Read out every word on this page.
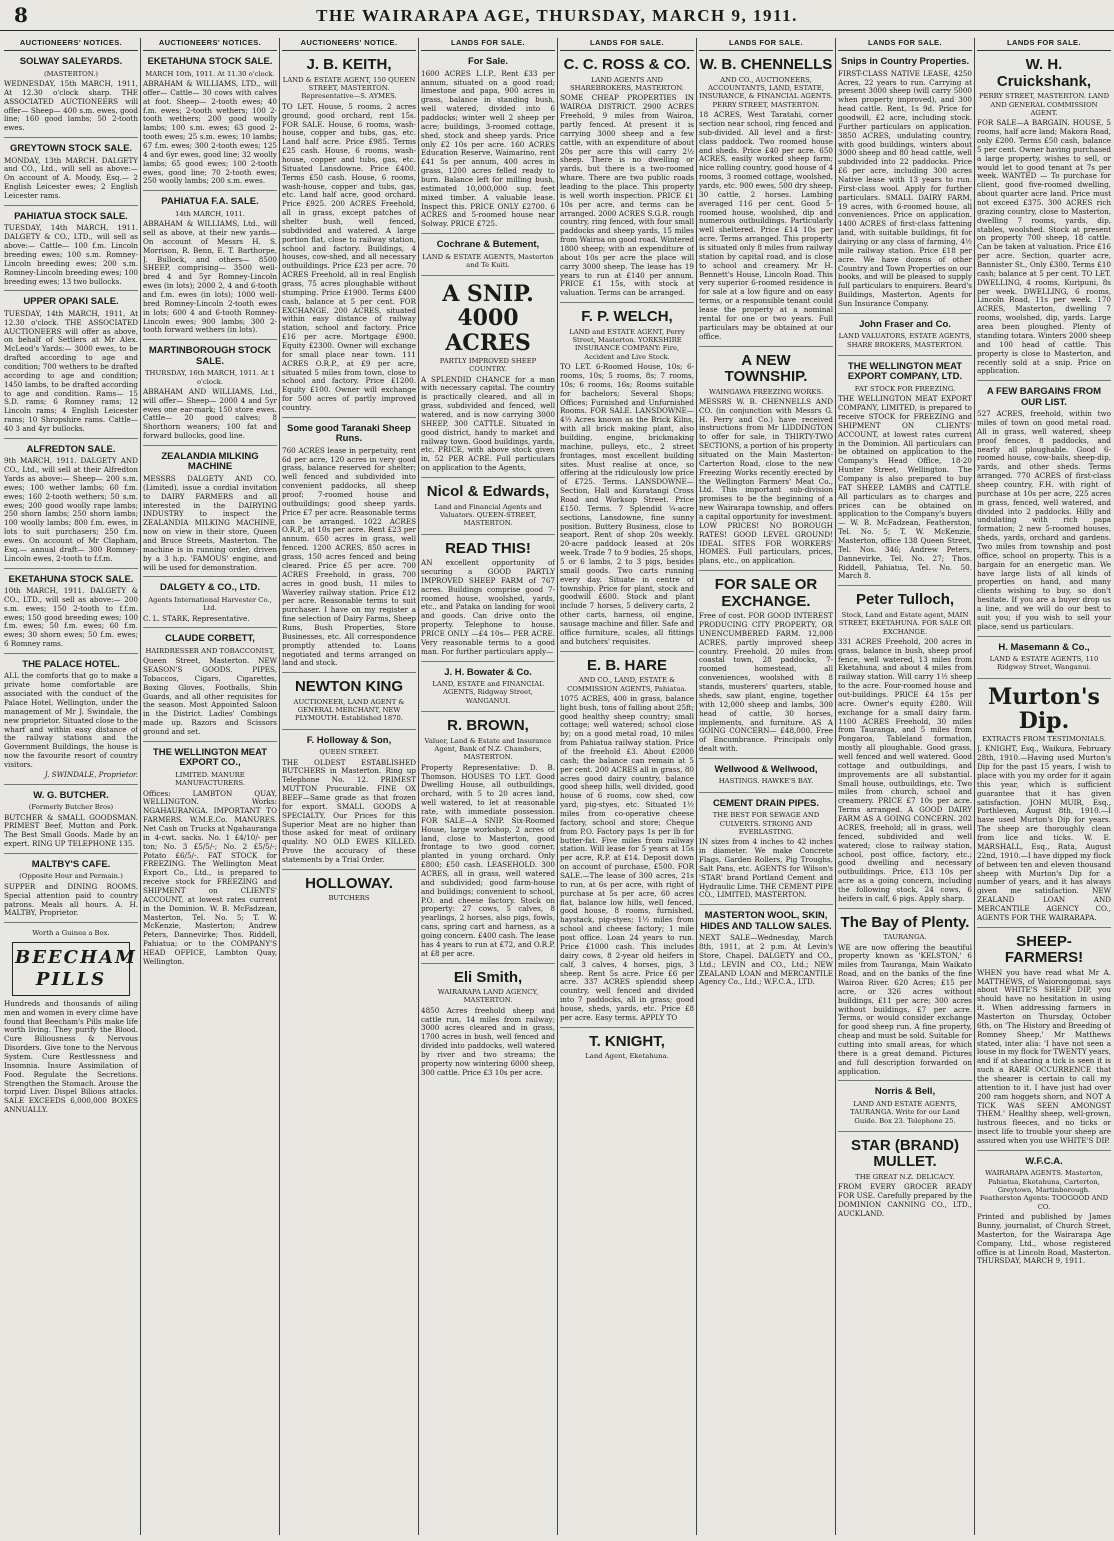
8	THE WAIRARAPA AGE, THURSDAY, MARCH 9, 1911.
AUCTIONEERS' NOTICES.
SOLWAY SALEYARDS.
(MASTERTON.)

WEDNESDAY, 15th MARCH, 1911, At 12.30 o'clock sharp. THE ASSOCIATED AUCTIONEERS will offer— Sheep— 400 s.m. ewes, good line; 160 good lambs; 50 2-tooth ewes.

GREYTOWN STOCK SALE.

MONDAY, 13th MARCH. DALGETY and CO., Ltd., will sell as above:— On account of A. Moody, Esq.— 2 English Leicester ewes; 2 English Leicester rams.

PAHIATUA STOCK SALE.

TUESDAY, 14th MARCH, 1911. DALGETY & CO., LTD., will sell as above:— Cattle— 100 f.m. Lincoln breeding ewes; 100 s.m. Romney-Lincoln breeding ewes; 200 s.m. Romney-Lincoln breeding ewes; 100 breeding ewes; 13 two bullocks.

UPPER OPAKI SALE.

TUESDAY, 14th MARCH, 1911, At 12.30 o'clock. THE ASSOCIATED AUCTIONEERS will offer as above, on behalf of Settlers at Mr Alex. McLeod's Yards:— 3000 ewes, to be drafted according to age and condition; 700 wethers to be drafted according to age and condition; 1450 lambs, to be drafted according to age and condition. Rams— 15 S.D. rams; 6 Romney rams; 12 Lincoln rams; 4 English Leicester rams; 10 Shropshire rams. Cattle— 40 3 and 4yr bullocks.

ALFREDTON SALE.

9th MARCH, 1911. DALGETY AND CO., Ltd., will sell at their Alfredton Yards as above:— Sheep— 200 s.m. ewes; 100 wether lambs; 60 f.m. ewes; 160 2-tooth wethers; 50 s.m. ewes; 200 good woolly rape lambs; 250 shorn lambs; 250 shorn lambs; 100 woolly lambs; 800 f.m. ewes, in lots to suit purchasers; 250 f.m. ewes. On account of Mr Clapham, Esq.— annual draft— 300 Romney-Lincoln ewes, 2-tooth to f.f.m.

EKETAHUNA STOCK SALE.

10th MARCH, 1911. DALGETY & CO., LTD., will sell as above:— 200 s.m. ewes; 150 2-tooth to f.f.m. ewes; 150 good breeding ewes; 100 f.m. ewes; 50 f.m. ewes; 60 f.m. ewes; 30 shorn ewes; 50 f.m. ewes; 6 Romney rams.

THE PALACE HOTEL.

ALL the comforts that go to make a private home comfortable are associated with the conduct of the Palace Hotel, Wellington, under the management of Mr J. Swindale, the new proprietor. Situated close to the wharf and within easy distance of the railway stations and the Government Buildings, the house is now the favourite resort of country visitors.

J. SWINDALE, Proprietor.
W. G. BUTCHER.
(Formerly Butcher Bros)

BUTCHER & SMALL GOODSMAN. PRIMEST Beef, Mutton and Pork. The Best Small Goods. Made by an expert. RING UP TELEPHONE 135.

MALTBY'S CAFE.
(Opposite Hour and Permain.)

SUPPER and DINING ROOMS. Special attention paid to country patrons. Meals all hours. A. H. MALTBY, Proprietor.

Worth a Guinea a Box.
BEECHAM PILLS

Hundreds and thousands of ailing men and women in every clime have found that Beecham's Pills make life worth living. They purify the Blood. Cure Biliousness & Nervous Disorders. Give tone to the Nervous System. Cure Restlessness and Insomnia. Insure Assimilation of Food. Regulate the Secretions. Strengthen the Stomach. Arouse the torpid Liver. Dispel Bilious attacks. SALE EXCEEDS 6,000,000 BOXES ANNUALLY.

AUCTIONEERS' NOTICES.
EKETAHUNA STOCK SALE.
MARCH 10th, 1911. At 11.30 o'clock.

ABRAHAM & WILLIAMS, LTD., will offer— Cattle— 30 cows with calves at foot. Sheep— 2-tooth ewes; 40 f.m. ewes; 2-tooth wethers; 100 2-tooth wethers; 200 good woolly lambs; 100 s.m. ewes; 63 good 2-tooth ewes; 25 s.m. ewes; 10 lambs; 67 f.m. ewes; 300 2-tooth ewes; 125 4 and 6yr ewes, good line; 32 woolly lambs; 65 good ewes; 100 2-tooth ewes, good line; 70 2-tooth ewes; 250 woolly lambs; 200 s.m. ewes.

PAHIATUA F.A. SALE.
14th MARCH, 1911.

ABRAHAM & WILLIAMS, Ltd., will sell as above, at their new yards— On account of Messrs H. S. Morrison, R. Benn, E. T. Barthorpe, J. Bullock, and others— 8500 SHEEP, comprising— 3500 well-bred 4 and 5yr Romney-Lincoln ewes (in lots); 2000 2, 4 and 6-tooth and f.m. ewes (in lots); 1000 well-bred Romney-Lincoln 2-tooth ewes in lots; 600 4 and 6-tooth Romney-Lincoln ewes; 900 lambs; 300 2-tooth forward wethers (in lots).

MARTINBOROUGH STOCK SALE.
THURSDAY, 16th MARCH, 1911. At 1 o'clock.

ABRAHAM AND WILLIAMS, Ltd., will offer— Sheep— 2000 4 and 5yr ewes one ear-mark; 150 store ewes. Cattle— 20 good calves; 8 Shorthorn weaners; 100 fat and forward bullocks, good line.

ZEALANDIA MILKING MACHINE

MESSRS DALGETY AND CO. (Limited), issue a cordial invitation to DAIRY FARMERS and all interested in the DAIRYING INDUSTRY to inspect the ZEALANDIA MILKING MACHINE, now on view in their store, Queen and Bruce Streets, Masterton. The machine is in running order, driven by a 3 h.p. 'FAMOUS' engine, and will be used for demonstration.

DALGETY & CO., LTD.
Agents International Harvester Co., Ltd.

C. L. STARK, Representative.

CLAUDE CORBETT,
HAIRDRESSER AND TOBACCONIST,

Queen Street, Masterton. NEW SEASON'S GOODS. PIPES, Tobaccos, Cigars, Cigarettes, Boxing Gloves, Footballs, Shin Guards, and all other requisites for the season. Most Appointed Saloon in the District. Ladies' Combings made up. Razors and Scissors ground and set.

THE WELLINGTON MEAT EXPORT CO.,
LIMITED. MANURE MANUFACTURERS.

Offices: LAMBTON QUAY, WELLINGTON. Works: NGAHAURANGA. IMPORTANT TO FARMERS. W.M.E.Co. MANURES. Net Cash on Trucks at Ngahauranga in 4-cwt. sacks. No. 1 £4/10/- per ton; No. 3 £5/5/-; No. 2 £5/5/-; Potato £6/5/-. FAT STOCK for FREEZING. The Wellington Meat Export Co., Ltd., is prepared to receive stock for FREEZING and SHIPMENT on CLIENTS' ACCOUNT, at lowest rates current in the Dominion. W. B. McFadzean, Masterton, Tel. No. 5; T. W. McKenzie, Masterton; Andrew Peters, Dannevirke; Thos. Riddell, Pahiatua; or to the COMPANY'S HEAD OFFICE, Lambton Quay, Wellington.

AUCTIONEERS' NOTICE.
J. B. KEITH,
LAND & ESTATE AGENT, 150 QUEEN STREET, MASTERTON. Representative—S. AYMES.

TO LET. House, 5 rooms, 2 acres ground, good orchard, rent 15s. FOR SALE. House, 6 rooms, wash-house, copper and tubs, gas, etc. Land half acre. Price £985. Terms £25 cash. House, 6 rooms, wash-house, copper and tubs, gas, etc. Situated Lansdowne. Price £400. Terms £50 cash. House, 6 rooms, wash-house, copper and tubs, gas, etc. Land half acre, good orchard. Price £925. 200 ACRES Freehold, all in grass, except patches of shelter bush, well fenced, subdivided and watered. A large portion flat, close to railway station, school and factory. Buildings, 4 houses, cow-shed, and all necessary outbuildings. Price £23 per acre. 70 ACRES Freehold, all in real English grass, 75 acres ploughable without stumping. Price £1900. Terms £400 cash, balance at 5 per cent. FOR EXCHANGE. 200 ACRES, situated within easy distance of railway station, school and factory. Price £16 per acre. Mortgage £900. Equity £2300. Owner will exchange for small place near town. 111 ACRES O.R.P., at £9 per acre, situated 5 miles from town, close to school and factory. Price £1200. Equity £100. Owner will exchange for 500 acres of partly improved country.

Some good Taranaki Sheep Runs.

760 ACRES lease in perpetuity, rent 6d per acre, 120 acres in very good grass, balance reserved for shelter; well fenced and subdivided into convenient paddocks, all sheep proof; 7-roomed house and outbuildings; good sheep yards. Price £7 per acre. Reasonable terms can be arranged. 1022 ACRES O.R.P., at 10s per acre. Rent £23 per annum. 650 acres in grass, well fenced. 1200 ACRES, 850 acres in grass, 150 acres fenced and being cleared. Price £5 per acre. 700 ACRES Freehold, in grass, 700 acres in good bush, 11 miles to Waverley railway station. Price £12 per acre. Reasonable terms to suit purchaser. I have on my register a fine selection of Dairy Farms, Sheep Runs, Bush Properties, Store Businesses, etc. All correspondence promptly attended to. Loans negotiated and terms arranged on land and stock.

NEWTON KING
AUCTIONEER, LAND AGENT & GENERAL MERCHANT, NEW PLYMOUTH. Established 1870.
F. Holloway & Son,
QUEEN STREET.

THE OLDEST ESTABLISHED BUTCHERS in Masterton. Ring up Telephone No. 12. PRIMEST MUTTON Procurable. FINE OX BEEF—Same grade as that frozen for export. SMALL GOODS A SPECIALTY. Our Prices for this Superior Meat are no higher than those asked for meat of ordinary quality. NO OLD EWES KILLED. Prove the accuracy of these statements by a Trial Order.

HOLLOWAY.
BUTCHERS
LANDS FOR SALE.
For Sale.

1600 ACRES L.I.P., Rent £33 per annum, situated on a good road; limestone and papa, 900 acres in grass, balance in standing bush, well watered, divided into 6 paddocks; winter well 2 sheep per acre; buildings, 3-roomed cottage, shed, stock and sheep yards. Price only £2 10s per acre. 160 ACRES Education Reserve, Waimarino, rent £41 5s per annum, 400 acres in grass, 1200 acres felled ready to burn. Balance left for milling bush, estimated 10,000,000 sup. feet mixed timber. A valuable lease. Inspect this. PRICE ONLY £2700. 6 ACRES and 5-roomed house near Solway. PRICE £725.

Cochrane & Butement,
LAND & ESTATE AGENTS, Masterton and Te Kuiti.
A SNIP. 4000 ACRES
PARTLY IMPROVED SHEEP COUNTRY.

A SPLENDID CHANCE for a man with necessary capital. The country is practically cleared, and all in grass, subdivided and fenced, well watered, and is now carrying 3000 SHEEP, 300 CATTLE. Situated in good district, handy to market and railway town. Good buildings, yards, etc. PRICE, with above stock given in, 52 PER ACRE. Full particulars on application to the Agents,

Nicol & Edwards,
Land and Financial Agents and Valuators. QUEEN-STREET, MASTERTON.
READ THIS!

AN excellent opportunity of securing a GOOD PARTLY IMPROVED SHEEP FARM of 767 acres. Buildings comprise good 7-roomed house, woolshed, yards, etc., and Pataka on landing for wool and goods. Can drive onto the property. Telephone to house. PRICE ONLY —£4 10s— PER ACRE. Very reasonable terms to a good man. For further particulars apply—

J. H. Bowater & Co.
LAND, ESTATE and FINANCIAL AGENTS, Ridgway Street, WANGANUI.
R. BROWN,
Valuer, Land & Estate and Insurance Agent, Bank of N.Z. Chambers, MASTERTON.

Property Representative: D. B. Thomson. HOUSES TO LET. Good Dwelling House, all outbuildings, orchard, with 5 to 20 acres land, well watered, to let at reasonable rate, with immediate possession. FOR SALE—A SNIP. Six-Roomed House, large workshop, 2 acres of land, close to Masterton, good frontage to two good corner, planted in young orchard. Only £800; £50 cash. LEASEHOLD. 300 ACRES, all in grass, well watered and subdivided; good farm-house and buildings; convenient to school, P.O. and cheese factory. Stock on property: 27 cows, 5 calves, 8 yearlings, 2 horses, also pigs, fowls, cans, spring cart and harness, as a going concern. £400 cash. The lease has 4 years to run at £72, and O.R.P. at £8 per acre.

Eli Smith,
WAIRARAPA LAND AGENCY, MASTERTON.

4850 Acres freehold sheep and cattle run, 14 miles from railway; 3000 acres cleared and in grass, 1700 acres in bush, well fenced and divided into paddocks, well watered by river and two streams; the property now wintering 6000 sheep, 300 cattle. Price £3 10s per acre.

LANDS FOR SALE.
C. C. ROSS & CO.
LAND AGENTS AND SHAREBROKERS, MASTERTON.

SOME CHEAP PROPERTIES IN WAIROA DISTRICT. 2900 ACRES Freehold, 9 miles from Wairoa, partly fenced. At present it is carrying 3000 sheep and a few cattle, with an expenditure of about 20s per acre this will carry 2½ sheep. There is no dwelling or yards, but there is a two-roomed whare. There are two public roads leading to the place. This property is well worth inspection. PRICE £1 10s per acre, and terms can be arranged. 2000 ACRES S.G.R. rough country, ring fenced, with four small paddocks and sheep yards, 15 miles from Wairoa on good road. Wintered 1800 sheep; with an expenditure of about 10s per acre the place will carry 3000 sheep. The lease has 19 years to run at £140 per annum. PRICE £1 15s, with stock at valuation. Terms can be arranged.

F. P. WELCH,
LAND and ESTATE AGENT, Perry Street, Masterton. YORKSHIRE INSURANCE COMPANY: Fire, Accident and Live Stock.

TO LET. 6-Roomed House, 10s; 6-rooms, 10s; 5 rooms, 8s; 7 rooms, 10s; 6 rooms, 16s; Rooms suitable for bachelors; Several Shops; Offices; Furnished and Unfurnished Rooms. FOR SALE. LANSDOWNE—4½ Acres known as the Brick Kilns, with all brick making plant, also building, engine, brickmaking machine, pulleys, etc., 2 street frontages, most excellent building sites. Must realise at once, so offering at the ridiculously low price of £725. Terms. LANSDOWNE—Section, Hall and Kuratangi Cross Road and Worksop Street. Price £150. Terms. 7 Splendid ¼-acre sections, Lansdowne, fine sunny position. Buttery Business, close to seaport. Rent of shop 20s weekly. 20-acre paddock leased at 20s week. Trade 7 to 9 bodies, 25 shops, 5 or 6 lambs, 2 to 3 pigs, besides small goods. Two carts running every day. Situate in centre of township. Price for plant, stock and goodwill £600. Stock and plant include 7 horses, 5 delivery carts, 2 other carts, harness, oil engine, sausage machine and filler. Safe and office furniture, scales, all fittings and butchers' requisites.

E. B. HARE
AND CO., LAND, ESTATE & COMMISSION AGENTS, Pahiatua.

1075 ACRES, 400 in grass, balance light bush, tons of falling about 25ft; good healthy sheep country; small cottage; well watered; school close by; on a good metal road, 10 miles from Pahiatua railway station. Price of the freehold £3. About £2000 cash; the balance can remain at 5 per cent. 200 ACRES all in grass, 80 acres good dairy country, balance good sheep hills, well divided, good house of 6 rooms, cow shed, cow yard, pig-styes, etc. Situated 1½ miles from co-operative cheese factory, school and store; Cheque from P.O. Factory pays 1s per lb for butter-fat. Five miles from railway station. Will lease for 5 years at 15s per acre, R.P. at £14. Deposit down on account of purchase, £500. FOR SALE.—The lease of 300 acres, 21s to run, at 6s per acre, with right of purchase at 5s per acre, 60 acres flat, balance low hills, well fenced, good house, 8 rooms, furnished, haystack, pig-styes; 1½ miles from school and cheese factory; 1 mile post office. Loan 24 years to run. Price £1000 cash. This includes dairy cows, 8 2-year old heifers in calf, 3 calves, 4 horses, pigs, 3 sheep. Rent 5s acre. Price £6 per acre. 337 ACRES splendid sheep country, well fenced and divided into 7 paddocks, all in grass; good house, sheds, yards, etc. Price £8 per acre. Easy terms. APPLY TO

T. KNIGHT,
Land Agent, Eketahuna.
LANDS FOR SALE.
W. B. CHENNELLS
AND CO., AUCTIONEERS, ACCOUNTANTS, LAND, ESTATE, INSURANCE, & FINANCIAL AGENTS. PERRY STREET, MASTERTON.

18 ACRES, West Taratahi, corner section near school, ring fenced and sub-divided. All level and a first-class paddock. Two roomed house and sheds. Price £40 per acre. 650 ACRES, easily worked sheep farm; nice rolling country, good house of 4 rooms, 3 roomed cottage, woolshed, yards, etc. 900 ewes, 500 dry sheep, 30 cattle, 2 horses. Lambing averaged 116 per cent. Good 5-roomed house, woolshed, dip and numerous outbuildings. Particularly well sheltered. Price £14 10s per acre. Terms arranged. This property is situated only 8 miles from railway station by capital road, and is close to school and creamery. Mr H. Bennett's House, Lincoln Road. This very superior 6-roomed residence is for sale at a low figure and on easy terms, or a responsible tenant could lease the property at a nominal rental for one or two years. Full particulars may be obtained at our office.

A NEW TOWNSHIP.
WAINGAWA FREEZING WORKS.

MESSRS W. B. CHENNELLS AND CO. (in conjunction with Messrs G. H. Perry and Co.) have received instructions from Mr LIDDINGTON to offer for sale, in THIRTY-TWO SECTIONS, a portion of his property situated on the Main Masterton-Carterton Road, close to the new Freezing Works recently erected by the Wellington Farmers' Meat Co., Ltd. This important sub-division promises to be the beginning of a new Wairarapa township, and offers a capital opportunity for investment. LOW PRICES! NO BOROUGH RATES! GOOD LEVEL GROUND! IDEAL SITES FOR WORKERS' HOMES. Full particulars, prices, plans, etc., on application.

FOR SALE OR EXCHANGE.

Free of cost. FOR GOOD INTEREST PRODUCING CITY PROPERTY, OR UNENCUMBERED FARM. 12,000 ACRES, partly improved sheep country. Freehold. 20 miles from coastal town, 28 paddocks, 7-roomed homestead, all conveniences, woolshed with 8 stands, musterers' quarters, stable, sheds, saw plant, engine, together with 12,000 sheep and lambs, 300 head of cattle, 30 horses, implements, and furniture. AS A GOING CONCERN— £48,000. Free of Encumbrance. Principals only dealt with.

Wellwood & Wellwood,
HASTINGS. HAWKE'S BAY.
CEMENT DRAIN PIPES.
THE BEST FOR SEWAGE AND CULVERTS. STRONG AND EVERLASTING.

IN sizes from 4 inches to 42 inches in diameter. We make Concrete Flags, Garden Rollers, Pig Troughs, Salt Pans, etc. AGENTS for Wilson's 'STAR' brand Portland Cement and Hydraulic Lime. THE CEMENT PIPE CO., LIMITED, MASTERTON.

MASTERTON WOOL, SKIN, HIDES AND TALLOW SALES.

NEXT SALE—Wednesday, March 8th, 1911, at 2 p.m. At Levin's Store, Chapel. DALGETY and CO., Ltd.; LEVIN and CO., Ltd.; NEW ZEALAND LOAN and MERCANTILE Agency Co., Ltd.; W.F.C.A., LTD.

LANDS FOR SALE.
Snips in Country Properties.

FIRST-CLASS NATIVE LEASE, 4250 Acres, 22 years to run. Carrying at present 3000 sheep (will carry 5000 when property improved), and 300 head cattle. Rent, 1s 9d. Price for goodwill, £2 acre, including stock. Further particulars on application. 3850 ACRES, undulating country, with good buildings, winters about 3000 sheep and 80 head cattle, well subdivided into 22 paddocks. Price £6 per acre, including 300 acres Native lease with 13 years to run. First-class wool. Apply for further particulars. SMALL DAIRY FARM, 19 acres, with 6-roomed house, all conveniences. Price on application. 1400 ACRES of first-class fattening land, with suitable buildings, fit for dairying or any class of farming, 4½ mile railway station. Price £18 per acre. We have dozens of other Country and Town Properties on our books, and will be pleased to supply full particulars to enquirers. Beard's Buildings, Masterton. Agents for Sun Insurance Company.

John Fraser and Co.
LAND VALUATORS, ESTATE AGENTS, SHARE BROKERS, MASTERTON.
THE WELLINGTON MEAT EXPORT COMPANY, LTD.
FAT STOCK FOR FREEZING.

THE WELLINGTON MEAT EXPORT COMPANY, LIMITED, is prepared to receive STOCK for FREEZING and SHIPMENT ON CLIENTS' ACCOUNT, at lowest rates current in the Dominion. All particulars can be obtained on application to the Company's Head Office, 18-20 Hunter Street, Wellington. The Company is also prepared to buy FAT SHEEP, LAMBS and CATTLE. All particulars as to charges and prices can be obtained on application to the Company's buyers— W. B. McFadzean, Featherston, Tel. No. 5; T. W. McKenzie, Masterton, office 138 Queen Street, Tel. Nos. 346; Andrew Peters, Dannevirke, Tel. No. 27; Thos. Riddell, Pahiatua, Tel. No. 50. March 8.

Peter Tulloch,
Stock, Land and Estate agent, MAIN STREET, EKETAHUNA. FOR SALE OR EXCHANGE.

331 ACRES Freehold, 200 acres in grass, balance in bush, sheep proof fence, well watered, 13 miles from Eketahuna, and about 4 miles from railway station. Will carry 1½ sheep to the acre. Four-roomed house and out-buildings. PRICE £4 15s per acre. Owner's equity £280. Will exchange for a small dairy farm. 1100 ACRES Freehold, 30 miles from Tauranga, and 5 miles from Pongaroa, Tableland formation, mostly all ploughable. Good grass, well fenced and well watered. Good cottage and outbuildings, and improvements are all substantial. Small house, outbuildings, etc. Two miles from church, school and creamery. PRICE £7 10s per acre. Terms arranged. A GOOD DAIRY FARM AS A GOING CONCERN. 202 ACRES, freehold; all in grass, well fenced, subdivided and well watered; close to railway station, school, post office, factory, etc.; good dwelling and necessary outbuildings. Price, £13 10s per acre as a going concern, including the following stock, 24 cows, 6 heifers in calf, 6 pigs. Apply sharp.

The Bay of Plenty.
TAURANGA.

WE are now offering the beautiful property known as 'KELSTON,' 6 miles from Tauranga, Main Waikato Road, and on the banks of the fine Wairoa River. 620 Acres; £15 per acre, or 326 acres without buildings, £11 per acre; 300 acres without buildings, £7 per acre. Terms, or would consider exchange for good sheep run. A fine property, cheap and must be sold. Suitable for cutting into small areas, for which there is a great demand. Pictures and full description forwarded on application.

Norris & Bell,
LAND AND ESTATE AGENTS, TAURANGA. Write for our Land Guide. Box 23. Telephone 25.
STAR (BRAND) MULLET.
THE GREAT N.Z. DELICACY.

FROM EVERY GROCER READY FOR USE. Carefully prepared by the DOMINION CANNING CO., LTD., AUCKLAND.

LANDS FOR SALE.
W. H. Cruickshank,
PERRY STREET, MASTERTON. LAND AND GENERAL COMMISSION AGENT.

FOR SALE—A BARGAIN. HOUSE, 5 rooms, half acre land; Makora Road, only £200. Terms £50 cash, balance 5 per cent. Owner having purchased a large property, wishes to sell, or would let to good tenant at 7s per week. WANTED — To purchase for client, good five-roomed dwelling, about quarter acre land. Price must not exceed £375. 300 ACRES rich grazing country, close to Masterton, dwelling 7 rooms, yards, dip, stables, woolshed. Stock at present on property 700 sheep, 18 cattle. Can be taken at valuation. Price £16 per acre. Section, quarter acre, Bannister St., Only £300. Terms £10 cash; balance at 5 per cent. TO LET. DWELLING, 4 rooms, Kuripuni, 8s per week. DWELLING, 6 rooms, Lincoln Road, 11s per week. 170 ACRES, Masterton, dwelling 7 rooms, woolshed, dip, yards. Large area been ploughed. Plenty of standing totara. Winters 2000 sheep and 100 head of cattle. This property is close to Masterton, and recently sold at a snip. Price on application.

A FEW BARGAINS FROM OUR LIST.

527 ACRES, freehold, within two miles of town on good metal road. All in grass, well watered, sheep proof fences, 8 paddocks, and nearly all ploughable. Good 6-roomed house, cow-bails, sheep-dip, yards, and other sheds. Terms arranged. 770 ACRES of first-class sheep country, F.H. with right of purchase at 10s per acre, 225 acres in grass, fenced, well watered, and divided into 2 paddocks. Hilly and undulating with rich papa formation; 2 new 5-roomed houses, sheds, yards, orchard and gardens. Two miles from township and post office, school on property. This is a bargain for an energetic man. We have large lists of all kinds of properties on hand, and many clients wishing to buy, so don't hesitate. If you are a buyer drop us a line, and we will do our best to suit you; if you wish to sell your place, send us particulars.

H. Masemann & Co.,
LAND & ESTATE AGENTS, 110 Ridgway Street, Wanganui.
Murton's Dip.
EXTRACTS FROM TESTIMONIALS.

J. KNIGHT, Esq., Waikura, February 28th, 1910.—Having used Murton's Dip for the past 15 years, I wish to place with you my order for it again this year, which is sufficient guarantee that it has given satisfaction. JOHN MUIR, Esq., Porthleven, August 8th, 1910.—I have used Murton's Dip for years. The sheep are thoroughly clean from lice and ticks. W. E. MARSHALL, Esq., Rata, August 22nd, 1910.—I have dipped my flock of between ten and eleven thousand sheep with Murton's Dip for a number of years, and it has always given me satisfaction. NEW ZEALAND LOAN AND MERCANTILE AGENCY CO., AGENTS FOR THE WAIRARAPA.

SHEEP-FARMERS!

WHEN you have read what Mr A. MATTHEWS, of Waiorongomai, says about WHITE'S SHEEP DIP, you should have no hesitation in using it. When addressing farmers in Masterton on Thursday, October 6th, on 'The History and Breeding of Romney Sheep,' Mr Matthews stated, inter alia: 'I have not seen a louse in my flock for TWENTY years, and if at shearing a tick is seen it is such a RARE OCCURRENCE that the shearer is certain to call my attention to it. I have just had over 200 ram hoggets shorn, and NOT A TICK WAS SEEN AMONGST THEM.' Healthy sheep, well-grown, lustrous fleeces, and no ticks or insect life to trouble your sheep are assured when you use WHITE'S DIP.

W.F.C.A.
WAIRARAPA AGENTS. Masterton, Pahiatua, Eketahuna, Carterton, Greytown, Martinborough. Featherston Agents: TOOGOOD AND CO.

Printed and published by James Bunny, journalist, of Church Street, Masterton, for the Wairarapa Age Company, Ltd., whose registered office is at Lincoln Road, Masterton. THURSDAY, MARCH 9, 1911.
